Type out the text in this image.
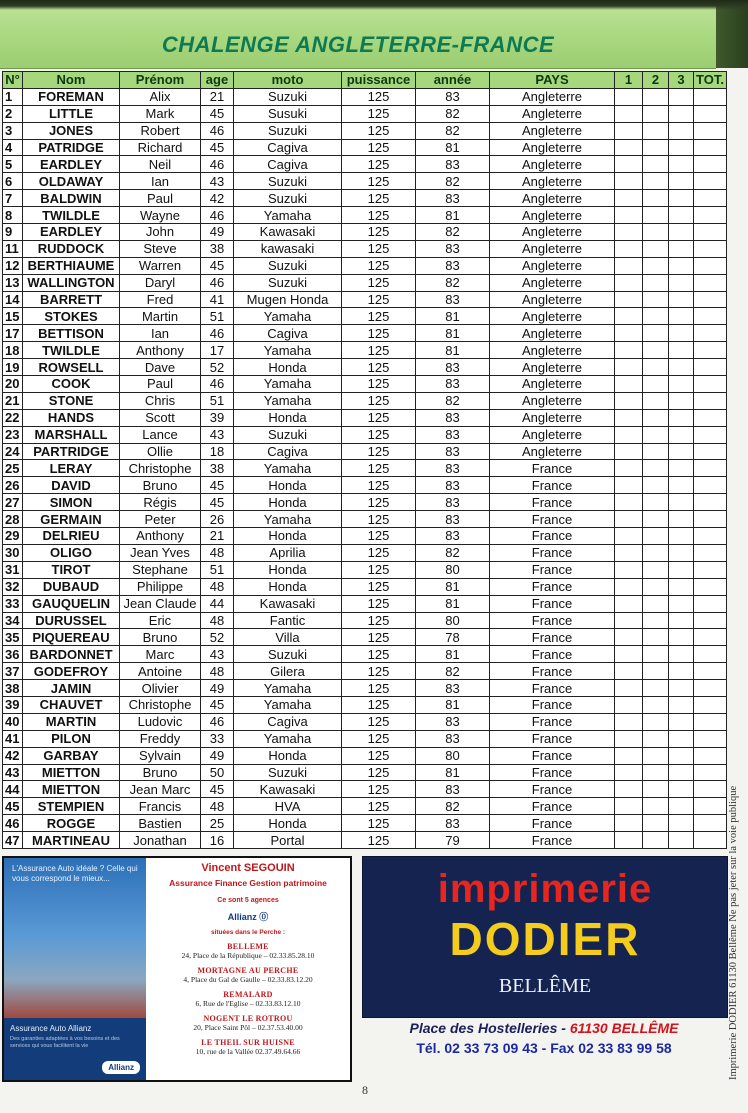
CHALENGE ANGLETERRE-FRANCE
N°	Nom	Prénom	age	moto	puissance	année	PAYS	1	2	3	TOT.
1	FOREMAN	Alix	21	Suzuki	125	83	Angleterre				
2	LITTLE	Mark	45	Susuki	125	82	Angleterre				
3	JONES	Robert	46	Suzuki	125	82	Angleterre				
4	PATRIDGE	Richard	45	Cagiva	125	81	Angleterre				
5	EARDLEY	Neil	46	Cagiva	125	83	Angleterre				
6	OLDAWAY	Ian	43	Suzuki	125	82	Angleterre				
7	BALDWIN	Paul	42	Suzuki	125	83	Angleterre				
8	TWILDLE	Wayne	46	Yamaha	125	81	Angleterre				
9	EARDLEY	John	49	Kawasaki	125	82	Angleterre				
11	RUDDOCK	Steve	38	kawasaki	125	83	Angleterre				
12	BERTHIAUME	Warren	45	Suzuki	125	83	Angleterre				
13	WALLINGTON	Daryl	46	Suzuki	125	82	Angleterre				
14	BARRETT	Fred	41	Mugen Honda	125	83	Angleterre				
15	STOKES	Martin	51	Yamaha	125	81	Angleterre				
17	BETTISON	Ian	46	Cagiva	125	81	Angleterre				
18	TWILDLE	Anthony	17	Yamaha	125	81	Angleterre				
19	ROWSELL	Dave	52	Honda	125	83	Angleterre				
20	COOK	Paul	46	Yamaha	125	83	Angleterre				
21	STONE	Chris	51	Yamaha	125	82	Angleterre				
22	HANDS	Scott	39	Honda	125	83	Angleterre				
23	MARSHALL	Lance	43	Suzuki	125	83	Angleterre				
24	PARTRIDGE	Ollie	18	Cagiva	125	83	Angleterre				
25	LERAY	Christophe	38	Yamaha	125	83	France				
26	DAVID	Bruno	45	Honda	125	83	France				
27	SIMON	Régis	45	Honda	125	83	France				
28	GERMAIN	Peter	26	Yamaha	125	83	France				
29	DELRIEU	Anthony	21	Honda	125	83	France				
30	OLIGO	Jean Yves	48	Aprilia	125	82	France				
31	TIROT	Stephane	51	Honda	125	80	France				
32	DUBAUD	Philippe	48	Honda	125	81	France				
33	GAUQUELIN	Jean Claude	44	Kawasaki	125	81	France				
34	DURUSSEL	Eric	48	Fantic	125	80	France				
35	PIQUEREAU	Bruno	52	Villa	125	78	France				
36	BARDONNET	Marc	43	Suzuki	125	81	France				
37	GODEFROY	Antoine	48	Gilera	125	82	France				
38	JAMIN	Olivier	49	Yamaha	125	83	France				
39	CHAUVET	Christophe	45	Yamaha	125	81	France				
40	MARTIN	Ludovic	46	Cagiva	125	83	France				
41	PILON	Freddy	33	Yamaha	125	83	France				
42	GARBAY	Sylvain	49	Honda	125	80	France				
43	MIETTON	Bruno	50	Suzuki	125	81	France				
44	MIETTON	Jean Marc	45	Kawasaki	125	83	France				
45	STEMPIEN	Francis	48	HVA	125	82	France				
46	ROGGE	Bastien	25	Honda	125	83	France				
47	MARTINEAU	Jonathan	16	Portal	125	79	France				
L'Assurance Auto idéale ? Celle qui vous correspond le mieux...
Assurance Auto Allianz
Des garanties adaptées à vos besoins et des services qui vous facilitent la vie
Allianz
Vincent SEGOUIN
Assurance Finance Gestion patrimoine
Ce sont 5 agences
Allianz ⓪
situées dans le Perche :
BELLEME
24, Place de la République – 02.33.85.28.10
MORTAGNE AU PERCHE
4, Place du Gal de Gaulle – 02.33.83.12.20
REMALARD
6, Rue de l'Eglise – 02.33.83.12.10
NOGENT LE ROTROU
20, Place Saint Pôl – 02.37.53.40.00
LE THEIL SUR HUISNE
10, rue de la Vallée 02.37.49.64.66
imprimerie
DODIER
BELLÊME
Place des Hostelleries - 61130 BELLÊME
Tél. 02 33 73 09 43 - Fax 02 33 83 99 58	Imprimerie DODIER 61130 Bellême Ne pas jeter sur la voie publique
8
